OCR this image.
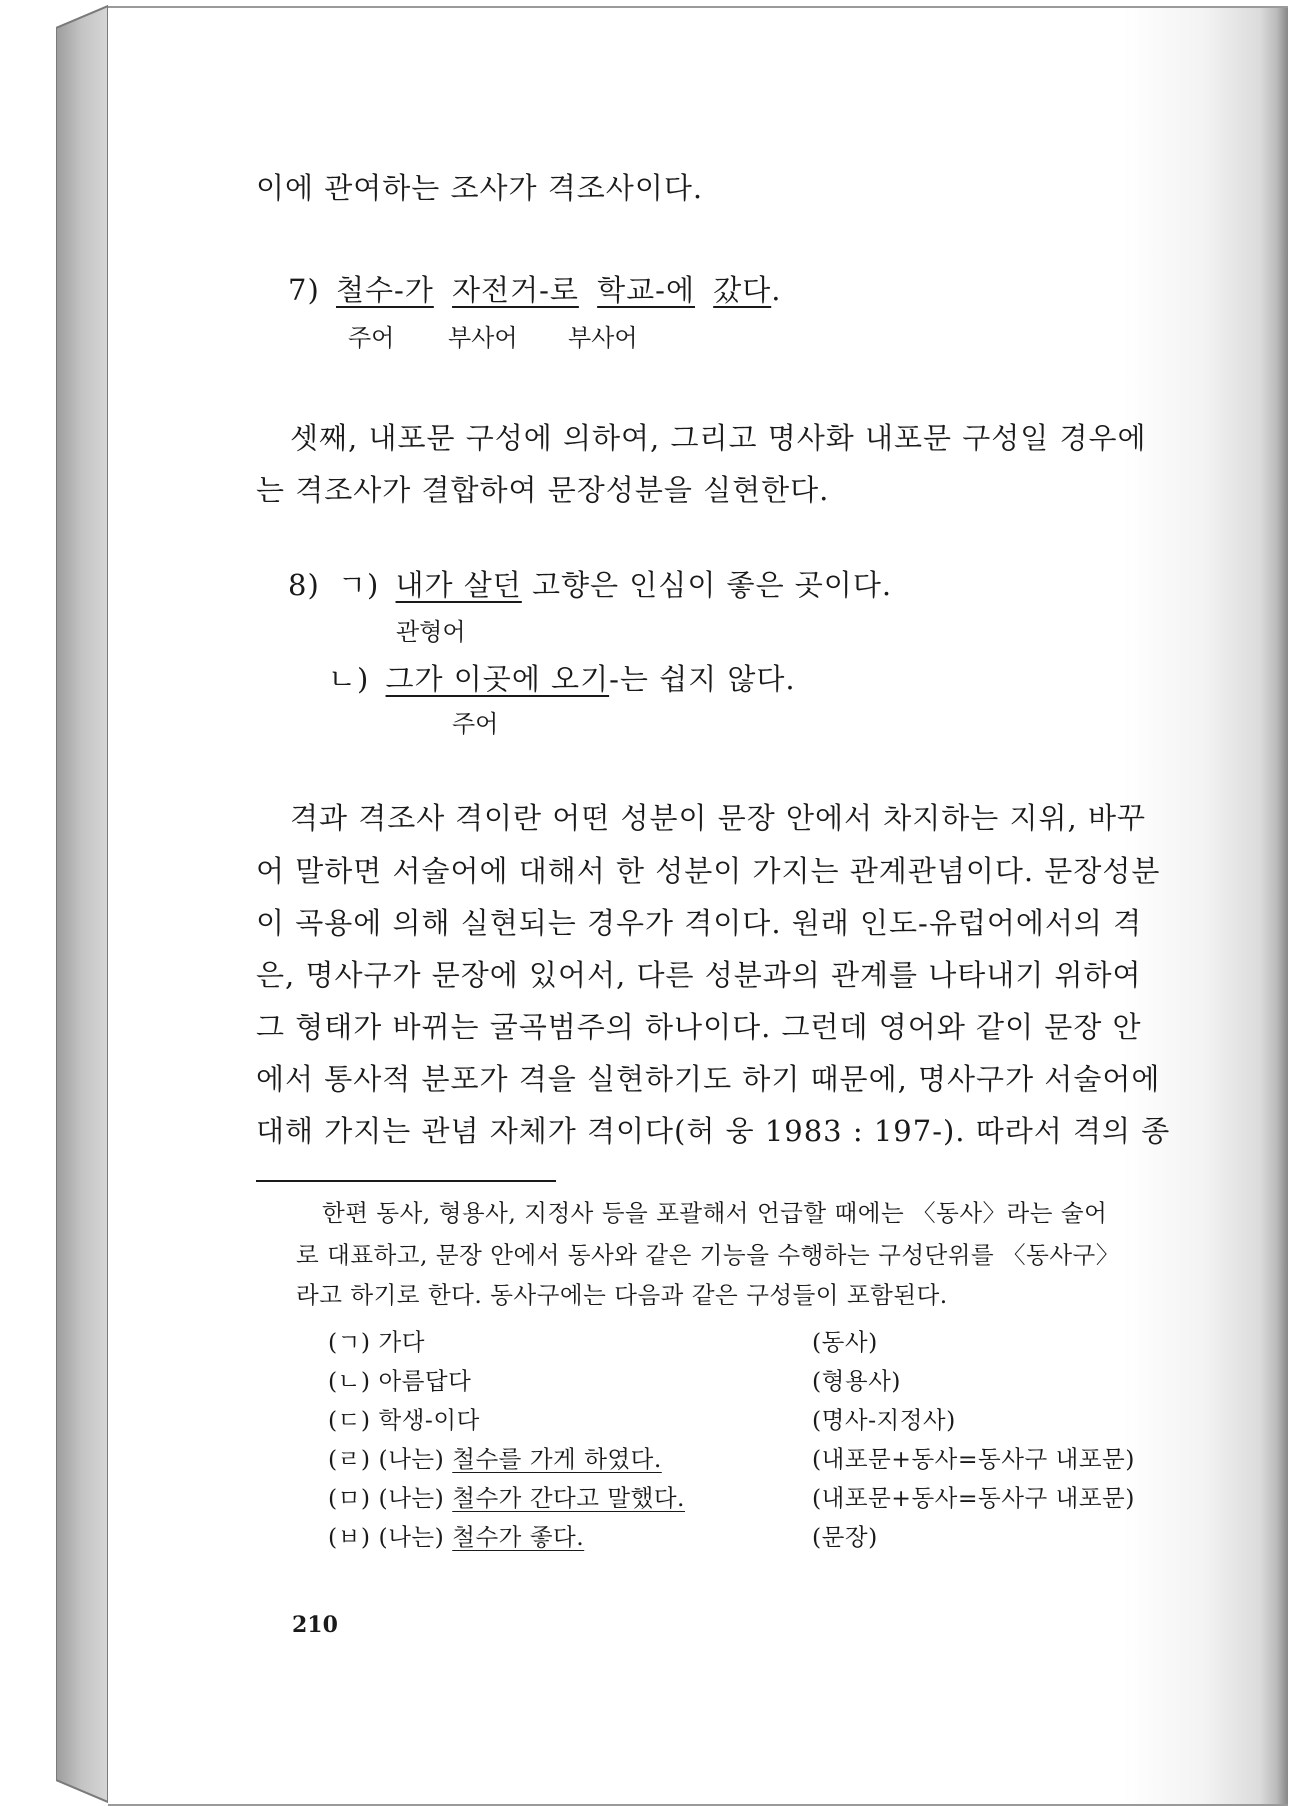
이에 관여하는 조사가 격조사이다.
7) 철수-가 자전거-로 학교-에 갔다.
주어 부사어 부사어
셋째, 내포문 구성에 의하여, 그리고 명사화 내포문 구성일 경우에
는 격조사가 결합하여 문장성분을 실현한다.
8) ㄱ) 내가 살던 고향은 인심이 좋은 곳이다.
관형어
ㄴ) 그가 이곳에 오기-는 쉽지 않다.
주어
격과 격조사 격이란 어떤 성분이 문장 안에서 차지하는 지위, 바꾸
어 말하면 서술어에 대해서 한 성분이 가지는 관계관념이다. 문장성분
이 곡용에 의해 실현되는 경우가 격이다. 원래 인도-유럽어에서의 격
은, 명사구가 문장에 있어서, 다른 성분과의 관계를 나타내기 위하여
그 형태가 바뀌는 굴곡범주의 하나이다. 그런데 영어와 같이 문장 안
에서 통사적 분포가 격을 실현하기도 하기 때문에, 명사구가 서술어에
대해 가지는 관념 자체가 격이다(허 웅 1983 : 197-). 따라서 격의 종
한편 동사, 형용사, 지정사 등을 포괄해서 언급할 때에는 〈동사〉라는 술어
로 대표하고, 문장 안에서 동사와 같은 기능을 수행하는 구성단위를 〈동사구〉
라고 하기로 한다. 동사구에는 다음과 같은 구성들이 포함된다.
(ㄱ) 가다	(동사)
(ㄴ) 아름답다	(형용사)
(ㄷ) 학생-이다	(명사-지정사)
(ㄹ) (나는) 철수를 가게 하였다.	(내포문+동사=동사구 내포문)
(ㅁ) (나는) 철수가 간다고 말했다.	(내포문+동사=동사구 내포문)
(ㅂ) (나는) 철수가 좋다.	(문장)
210
